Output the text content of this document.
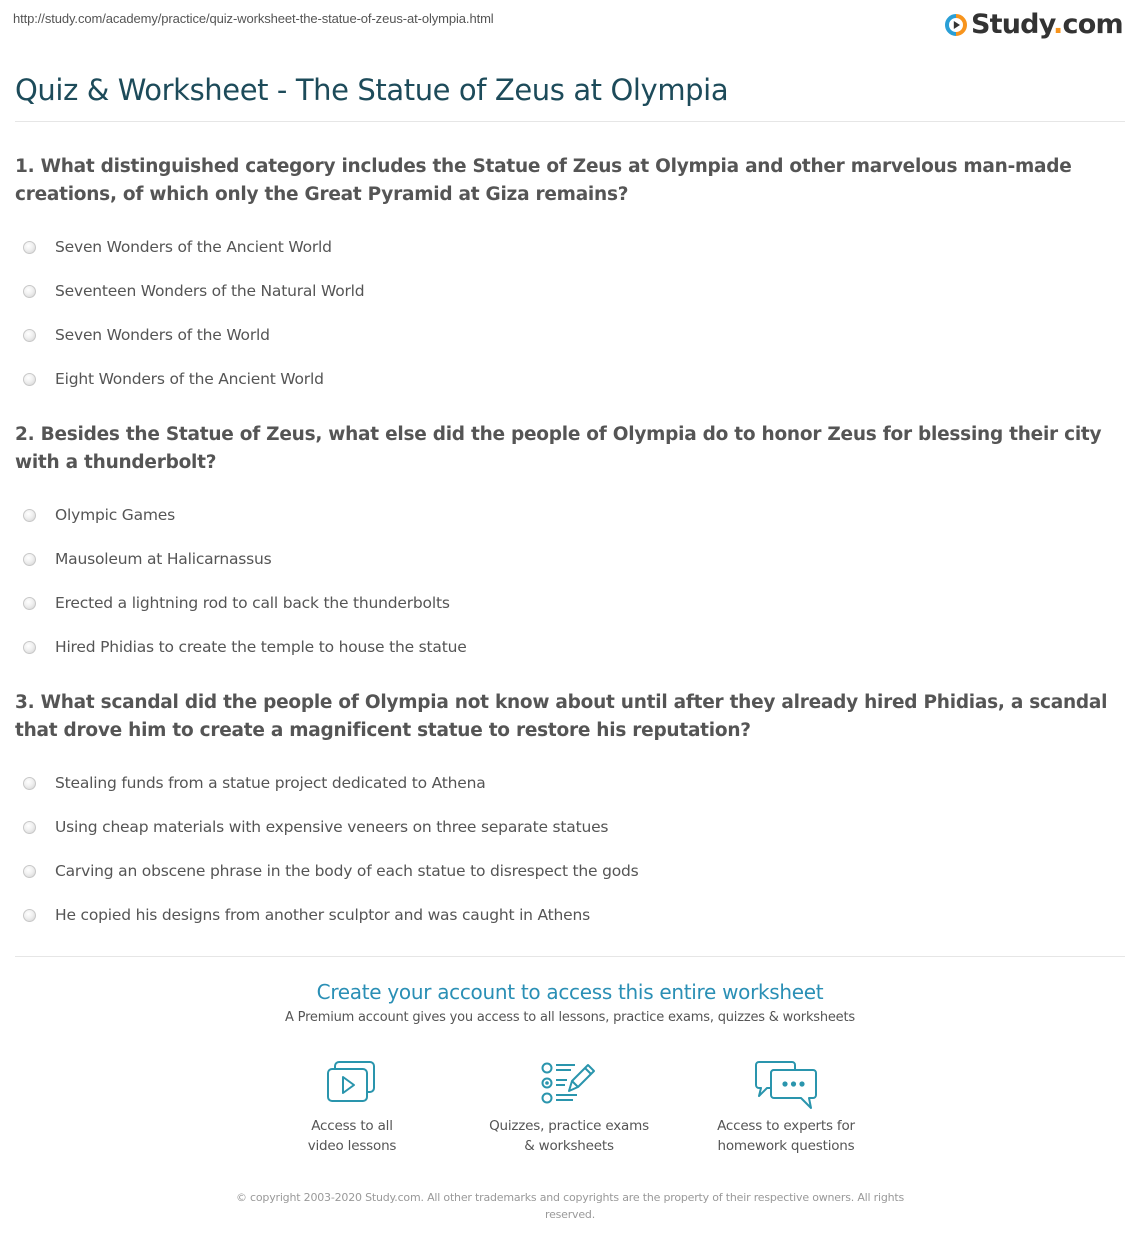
http://study.com/academy/practice/quiz-worksheet-the-statue-of-zeus-at-olympia.html	Study.com
Quiz & Worksheet - The Statue of Zeus at Olympia
1. What distinguished category includes the Statue of Zeus at Olympia and other marvelous man-made creations, of which only the Great Pyramid at Giza remains?
Seven Wonders of the Ancient World
Seventeen Wonders of the Natural World
Seven Wonders of the World
Eight Wonders of the Ancient World
2. Besides the Statue of Zeus, what else did the people of Olympia do to honor Zeus for blessing their city with a thunderbolt?
Olympic Games
Mausoleum at Halicarnassus
Erected a lightning rod to call back the thunderbolts
Hired Phidias to create the temple to house the statue
3. What scandal did the people of Olympia not know about until after they already hired Phidias, a scandal that drove him to create a magnificent statue to restore his reputation?
Stealing funds from a statue project dedicated to Athena
Using cheap materials with expensive veneers on three separate statues
Carving an obscene phrase in the body of each statue to disrespect the gods
He copied his designs from another sculptor and was caught in Athens
Create your account to access this entire worksheet
A Premium account gives you access to all lessons, practice exams, quizzes & worksheets
Access to all
video lessons
Quizzes, practice exams
& worksheets
Access to experts for
homework questions
© copyright 2003-2020 Study.com. All other trademarks and copyrights are the property of their respective owners. All rights reserved.
